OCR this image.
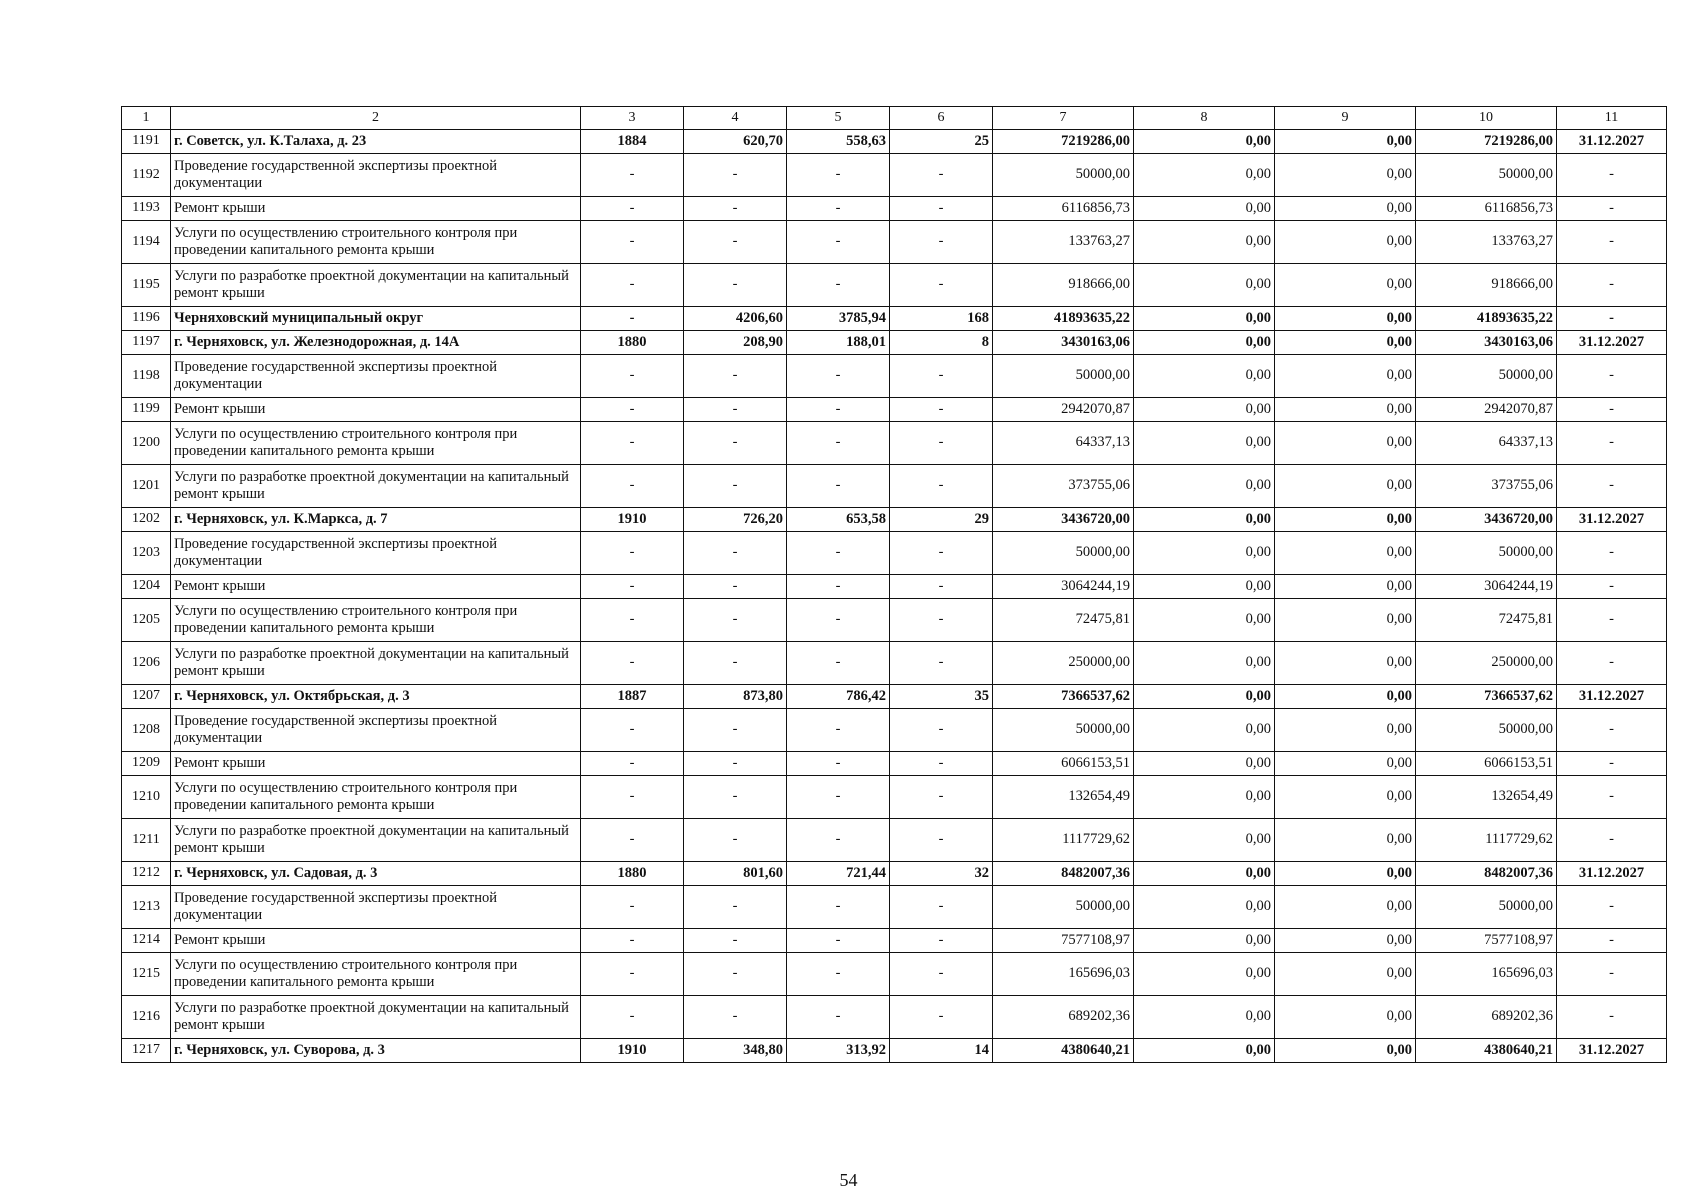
1	2	3	4	5	6	7	8	9	10	11
1191	г. Советск, ул. К.Талаха, д. 23	1884	620,70	558,63	25	7219286,00	0,00	0,00	7219286,00	31.12.2027
1192	Проведение государственной экспертизы проектной документации	-	-	-	-	50000,00	0,00	0,00	50000,00	-
1193	Ремонт крыши	-	-	-	-	6116856,73	0,00	0,00	6116856,73	-
1194	Услуги по осуществлению строительного контроля при проведении капитального ремонта крыши	-	-	-	-	133763,27	0,00	0,00	133763,27	-
1195	Услуги по разработке проектной документации на капитальный ремонт крыши	-	-	-	-	918666,00	0,00	0,00	918666,00	-
1196	Черняховский муниципальный округ	-	4206,60	3785,94	168	41893635,22	0,00	0,00	41893635,22	-
1197	г. Черняховск, ул. Железнодорожная, д. 14А	1880	208,90	188,01	8	3430163,06	0,00	0,00	3430163,06	31.12.2027
1198	Проведение государственной экспертизы проектной документации	-	-	-	-	50000,00	0,00	0,00	50000,00	-
1199	Ремонт крыши	-	-	-	-	2942070,87	0,00	0,00	2942070,87	-
1200	Услуги по осуществлению строительного контроля при проведении капитального ремонта крыши	-	-	-	-	64337,13	0,00	0,00	64337,13	-
1201	Услуги по разработке проектной документации на капитальный ремонт крыши	-	-	-	-	373755,06	0,00	0,00	373755,06	-
1202	г. Черняховск, ул. К.Маркса, д. 7	1910	726,20	653,58	29	3436720,00	0,00	0,00	3436720,00	31.12.2027
1203	Проведение государственной экспертизы проектной документации	-	-	-	-	50000,00	0,00	0,00	50000,00	-
1204	Ремонт крыши	-	-	-	-	3064244,19	0,00	0,00	3064244,19	-
1205	Услуги по осуществлению строительного контроля при проведении капитального ремонта крыши	-	-	-	-	72475,81	0,00	0,00	72475,81	-
1206	Услуги по разработке проектной документации на капитальный ремонт крыши	-	-	-	-	250000,00	0,00	0,00	250000,00	-
1207	г. Черняховск, ул. Октябрьская, д. 3	1887	873,80	786,42	35	7366537,62	0,00	0,00	7366537,62	31.12.2027
1208	Проведение государственной экспертизы проектной документации	-	-	-	-	50000,00	0,00	0,00	50000,00	-
1209	Ремонт крыши	-	-	-	-	6066153,51	0,00	0,00	6066153,51	-
1210	Услуги по осуществлению строительного контроля при проведении капитального ремонта крыши	-	-	-	-	132654,49	0,00	0,00	132654,49	-
1211	Услуги по разработке проектной документации на капитальный ремонт крыши	-	-	-	-	1117729,62	0,00	0,00	1117729,62	-
1212	г. Черняховск, ул. Садовая, д. 3	1880	801,60	721,44	32	8482007,36	0,00	0,00	8482007,36	31.12.2027
1213	Проведение государственной экспертизы проектной документации	-	-	-	-	50000,00	0,00	0,00	50000,00	-
1214	Ремонт крыши	-	-	-	-	7577108,97	0,00	0,00	7577108,97	-
1215	Услуги по осуществлению строительного контроля при проведении капитального ремонта крыши	-	-	-	-	165696,03	0,00	0,00	165696,03	-
1216	Услуги по разработке проектной документации на капитальный ремонт крыши	-	-	-	-	689202,36	0,00	0,00	689202,36	-
1217	г. Черняховск, ул. Суворова, д. 3	1910	348,80	313,92	14	4380640,21	0,00	0,00	4380640,21	31.12.2027
54
